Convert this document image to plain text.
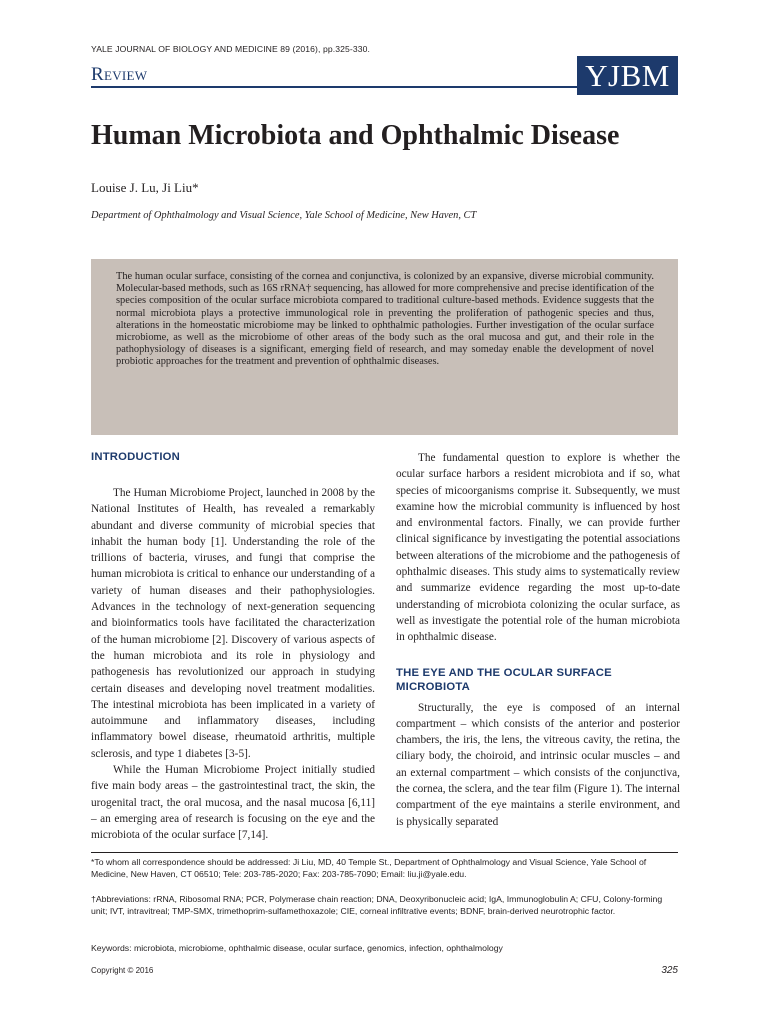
YALE JOURNAL OF BIOLOGY AND MEDICINE 89 (2016), pp.325-330.
Review	YJBM
Human Microbiota and Ophthalmic Disease
Louise J. Lu, Ji Liu*
Department of Ophthalmology and Visual Science, Yale School of Medicine, New Haven, CT

The human ocular surface, consisting of the cornea and conjunctiva, is colonized by an expansive, diverse microbial community. Molecular-based methods, such as 16S rRNA† sequencing, has allowed for more comprehensive and precise identification of the species composition of the ocular surface microbiota compared to traditional culture-based methods. Evidence suggests that the normal microbiota plays a protective immunological role in preventing the proliferation of pathogenic species and thus, alterations in the homeostatic microbiome may be linked to ophthalmic pathologies. Further investigation of the ocular surface microbiome, as well as the microbiome of other areas of the body such as the oral mucosa and gut, and their role in the pathophysiology of diseases is a significant, emerging field of research, and may someday enable the development of novel probiotic approaches for the treatment and prevention of ophthalmic diseases.

INTRODUCTION

The Human Microbiome Project, launched in 2008 by the National Institutes of Health, has revealed a remarkably abundant and diverse community of microbial species that inhabit the human body [1]. Understanding the role of the trillions of bacteria, viruses, and fungi that comprise the human microbiota is critical to enhance our understanding of a variety of human diseases and their pathophysiologies. Advances in the technology of next-generation sequencing and bioinformatics tools have facilitated the characterization of the human microbiome [2]. Discovery of various aspects of the human microbiota and its role in physiology and pathogenesis has revolutionized our approach in studying certain diseases and developing novel treatment modalities. The intestinal microbiota has been implicated in a variety of autoimmune and inflammatory diseases, including inflammatory bowel disease, rheumatoid arthritis, multiple sclerosis, and type 1 diabetes [3-5].

While the Human Microbiome Project initially studied five main body areas – the gastrointestinal tract, the skin, the urogenital tract, the oral mucosa, and the nasal mucosa [6,11] – an emerging area of research is focusing on the eye and the microbiota of the ocular surface [7,14].

The fundamental question to explore is whether the ocular surface harbors a resident microbiota and if so, what species of micoorganisms comprise it. Subsequently, we must examine how the microbial community is influenced by host and environmental factors. Finally, we can provide further clinical significance by investigating the potential associations between alterations of the microbiome and the pathogenesis of ophthalmic diseases. This study aims to systematically review and summarize evidence regarding the most up-to-date understanding of microbiota colonizing the ocular surface, as well as investigate the potential role of the human microbiota in ophthalmic disease.

THE EYE AND THE OCULAR SURFACE MICROBIOTA

Structurally, the eye is composed of an internal compartment – which consists of the anterior and posterior chambers, the iris, the lens, the vitreous cavity, the retina, the ciliary body, the choiroid, and intrinsic ocular muscles – and an external compartment – which consists of the conjunctiva, the cornea, the sclera, and the tear film (Figure 1). The internal compartment of the eye maintains a sterile environment, and is physically separated

*To whom all correspondence should be addressed: Ji Liu, MD, 40 Temple St., Department of Ophthalmology and Visual Science, Yale School of Medicine, New Haven, CT 06510; Tele: 203-785-2020; Fax: 203-785-7090; Email: liu.ji@yale.edu.

†Abbreviations: rRNA, Ribosomal RNA; PCR, Polymerase chain reaction; DNA, Deoxyribonucleic acid; IgA, Immunoglobulin A; CFU, Colony-forming unit; IVT, intravitreal; TMP-SMX, trimethoprim-sulfamethoxazole; CIE, corneal infiltrative events; BDNF, brain-derived neurotrophic factor.

Keywords: microbiota, microbiome, ophthalmic disease, ocular surface, genomics, infection, ophthalmology

Copyright © 2016	325
